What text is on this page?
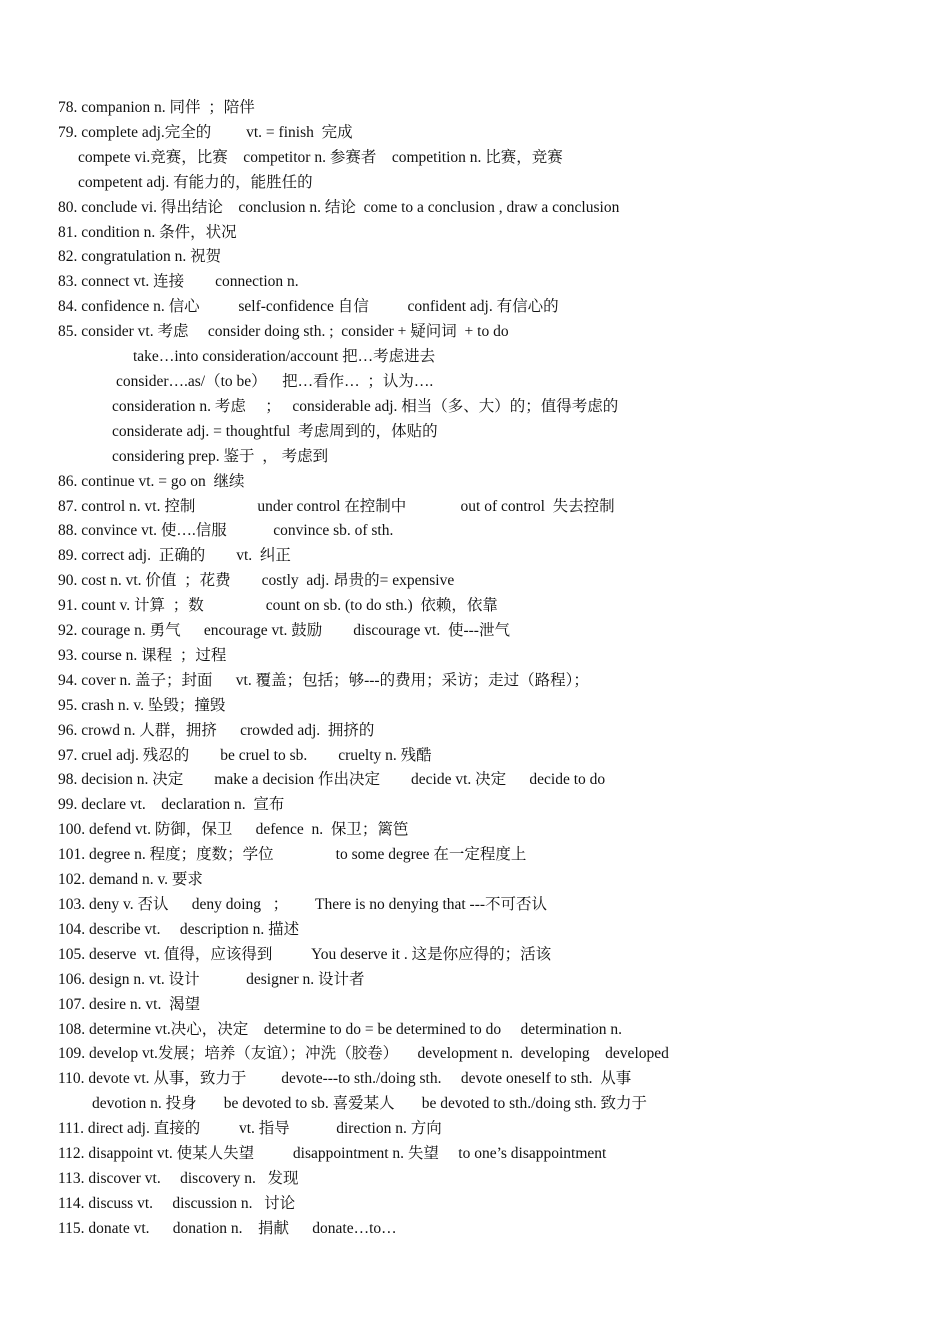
78. companion n. 同伴  ；陪伴
79. complete adj.完全的         vt. = finish  完成
compete vi.竞赛，比赛    competitor n. 参赛者    competition n. 比赛，竞赛
competent adj. 有能力的，能胜任的
80. conclude vi. 得出结论    conclusion n. 结论  come to a conclusion , draw a conclusion
81. condition n. 条件，状况
82. congratulation n. 祝贺
83. connect vt. 连接        connection n.
84. confidence n. 信心          self-confidence 自信          confident adj. 有信心的
85. consider vt. 考虑     consider doing sth. ;  consider + 疑问词  + to do
take…into consideration/account 把…考虑进去
consider….as/（to be）    把…看作…  ；认为….
consideration n. 考虑     ；   considerable adj. 相当（多、大）的；值得考虑的
considerate adj. = thoughtful  考虑周到的，体贴的
considering prep. 鉴于  ， 考虑到
86. continue vt. = go on  继续
87. control n. vt. 控制                under control 在控制中              out of control  失去控制
88. convince vt. 使….信服            convince sb. of sth.
89. correct adj.  正确的        vt.  纠正
90. cost n. vt. 价值  ；花费        costly  adj. 昂贵的= expensive
91. count v. 计算  ；数                count on sb. (to do sth.)  依赖，依靠
92. courage n. 勇气      encourage vt. 鼓励        discourage vt.  使---泄气
93. course n. 课程  ；过程
94. cover n. 盖子；封面      vt. 覆盖；包括；够---的费用；采访；走过（路程）；
95. crash n. v. 坠毁；撞毁
96. crowd n. 人群，拥挤      crowded adj.  拥挤的
97. cruel adj. 残忍的        be cruel to sb.        cruelty n. 残酷
98. decision n. 决定        make a decision 作出决定        decide vt. 决定      decide to do
99. declare vt.    declaration n.  宣布
100. defend vt. 防御，保卫      defence  n.  保卫；篱笆
101. degree n. 程度；度数；学位                to some degree 在一定程度上
102. demand n. v. 要求
103. deny v. 否认      deny doing   ；       There is no denying that ---不可否认
104. describe vt.     description n. 描述
105. deserve  vt. 值得，应该得到          You deserve it . 这是你应得的；活该
106. design n. vt. 设计            designer n. 设计者
107. desire n. vt.  渴望
108. determine vt.决心，决定    determine to do = be determined to do     determination n.
109. develop vt.发展；培养（友谊）；冲洗（胶卷）     development n.  developing    developed
110. devote vt. 从事，致力于         devote---to sth./doing sth.     devote oneself to sth.  从事
devotion n. 投身       be devoted to sb. 喜爱某人       be devoted to sth./doing sth. 致力于
111. direct adj. 直接的          vt. 指导            direction n. 方向
112. disappoint vt. 使某人失望          disappointment n. 失望     to one’s disappointment
113. discover vt.     discovery n.   发现
114. discuss vt.     discussion n.   讨论
115. donate vt.      donation n.    捐献      donate…to…
